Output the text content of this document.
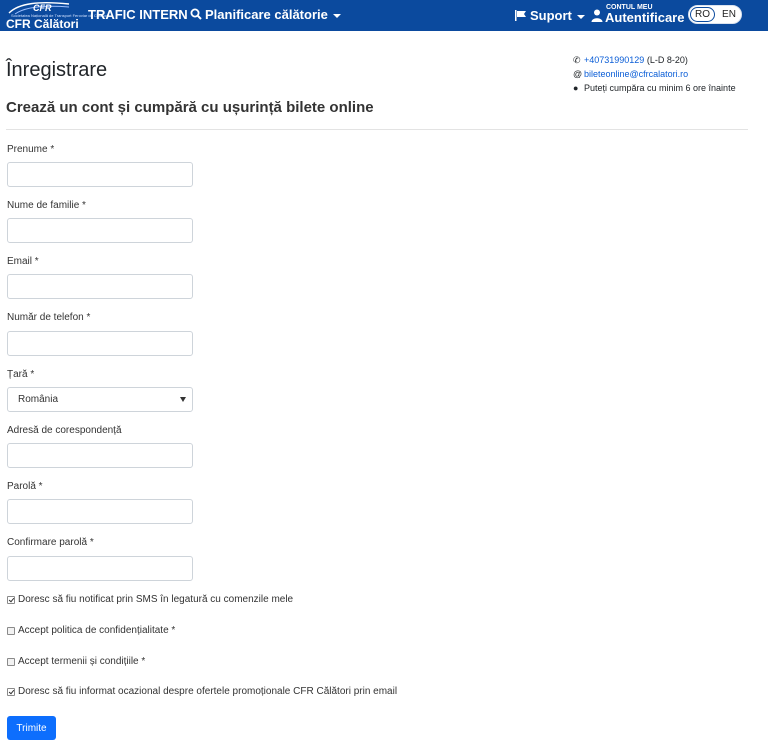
CFR
Societatea Națională de Transport Feroviar de Călători
CFR Călători
TRAFIC INTERN	Planificare călătorie	Suport
CONTUL MEU
Autentificare	RO	EN
Înregistrare	✆ +40731990129 (L-D 8-20)
@ bileteonline@cfrcalatori.ro
● Puteți cumpăra cu minim 6 ore înainte
Crează un cont și cumpără cu ușurință bilete online
Prenume *
Nume de familie *
Email *
Număr de telefon *
Țară *
România
Adresă de corespondență
Parolă *
Confirmare parolă *
Doresc să fiu notificat prin SMS în legatură cu comenzile mele
Accept politica de confidențialitate *
Accept termenii și condițiile *
Doresc să fiu informat ocazional despre ofertele promoționale CFR Călători prin email
Trimite
